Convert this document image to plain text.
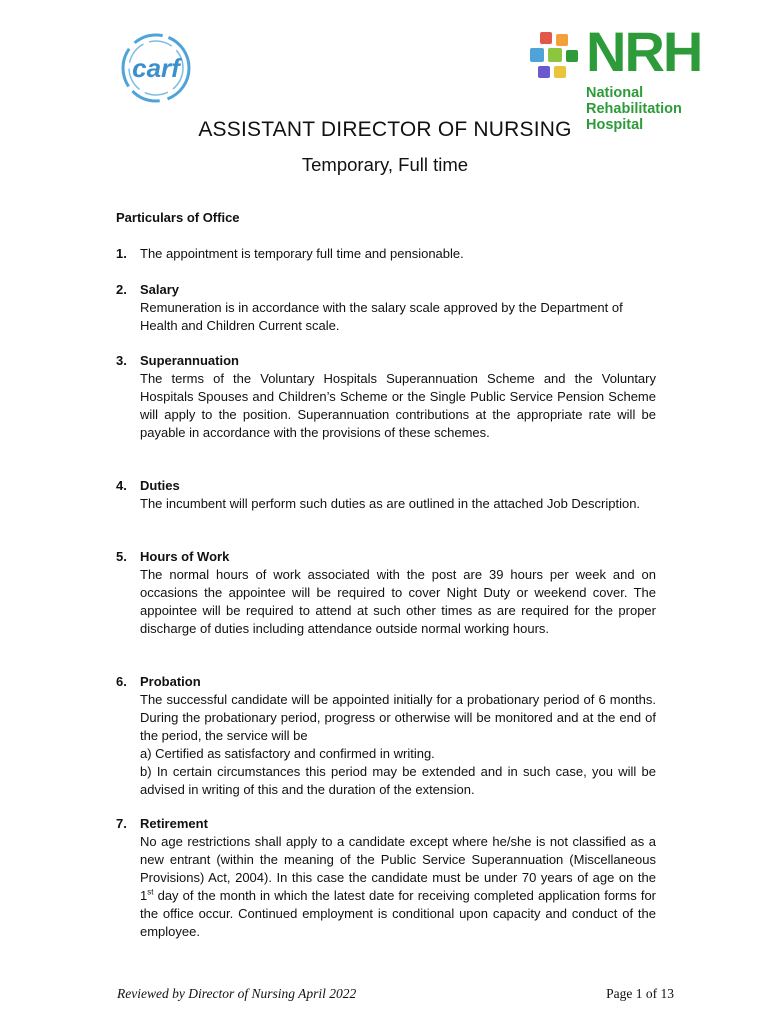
carf	NRH
National
Rehabilitation
Hospital
ASSISTANT DIRECTOR OF NURSING
Temporary, Full time
Particulars of Office
1. The appointment is temporary full time and pensionable.
2. Salary
Remuneration is in accordance with the salary scale approved by the Department of Health and Children Current scale.
3. Superannuation
The terms of the Voluntary Hospitals Superannuation Scheme and the Voluntary Hospitals Spouses and Children’s Scheme or the Single Public Service Pension Scheme will apply to the position. Superannuation contributions at the appropriate rate will be payable in accordance with the provisions of these schemes.
4. Duties
The incumbent will perform such duties as are outlined in the attached Job Description.
5. Hours of Work
The normal hours of work associated with the post are 39 hours per week and on occasions the appointee will be required to cover Night Duty or weekend cover. The appointee will be required to attend at such other times as are required for the proper discharge of duties including attendance outside normal working hours.
6. Probation
The successful candidate will be appointed initially for a probationary period of 6 months. During the probationary period, progress or otherwise will be monitored and at the end of the period, the service will be
a) Certified as satisfactory and confirmed in writing.
b) In certain circumstances this period may be extended and in such case, you will be advised in writing of this and the duration of the extension.
7. Retirement
No age restrictions shall apply to a candidate except where he/she is not classified as a new entrant (within the meaning of the Public Service Superannuation (Miscellaneous Provisions) Act, 2004). In this case the candidate must be under 70 years of age on the 1st day of the month in which the latest date for receiving completed application forms for the office occur. Continued employment is conditional upon capacity and conduct of the employee.
Reviewed by Director of Nursing April 2022	Page 1 of 13
